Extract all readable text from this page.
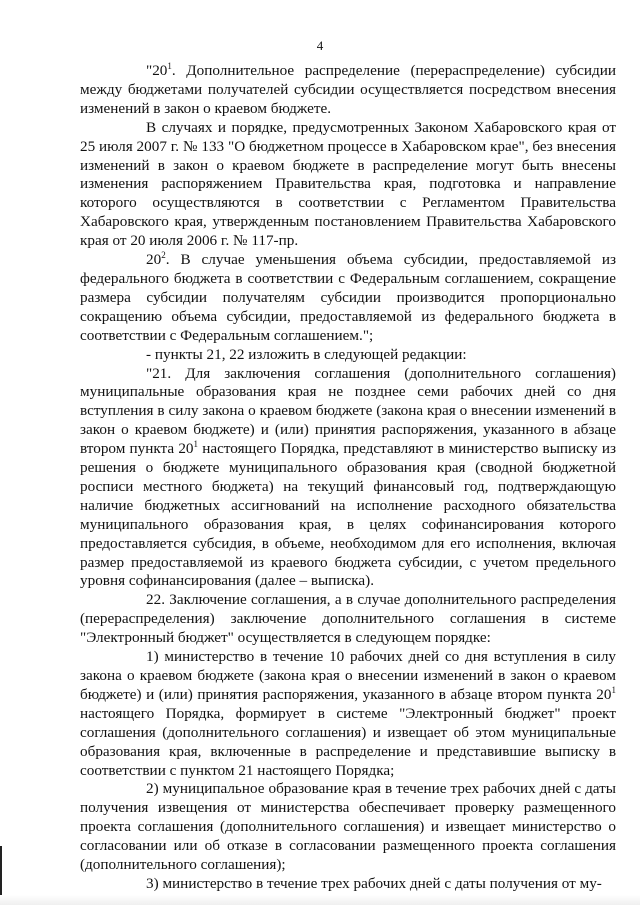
4

"$20^1$. Дополнительное распределение (перераспределение) субсидии между бюджетами получателей субсидии осуществляется посредством внесения изменений в закон о краевом бюджете.

В случаях и порядке, предусмотренных Законом Хабаровского края от 25 июля 2007 г. № 133 "О бюджетном процессе в Хабаровском крае", без внесения изменений в закон о краевом бюджете в распределение могут быть внесены изменения распоряжением Правительства края, подготовка и направление которого осуществляются в соответствии с Регламентом Правительства Хабаровского края, утвержденным постановлением Правительства Хабаровского края от 20 июля 2006 г. № 117-пр.

$20^2$. В случае уменьшения объема субсидии, предоставляемой из федерального бюджета в соответствии с Федеральным соглашением, сокращение размера субсидии получателям субсидии производится пропорционально сокращению объема субсидии, предоставляемой из федерального бюджета в соответствии с Федеральным соглашением.";

- пункты 21, 22 изложить в следующей редакции:

"21. Для заключения соглашения (дополнительного соглашения) муниципальные образования края не позднее семи рабочих дней со дня вступления в силу закона о краевом бюджете (закона края о внесении изменений в закон о краевом бюджете) и (или) принятия распоряжения, указанного в абзаце втором пункта $20^1$ настоящего Порядка, представляют в министерство выписку из решения о бюджете муниципального образования края (сводной бюджетной росписи местного бюджета) на текущий финансовый год, подтверждающую наличие бюджетных ассигнований на исполнение расходного обязательства муниципального образования края, в целях софинансирования которого предоставляется субсидия, в объеме, необходимом для его исполнения, включая размер предоставляемой из краевого бюджета субсидии, с учетом предельного уровня софинансирования (далее – выписка).

22. Заключение соглашения, а в случае дополнительного распределения (перераспределения) заключение дополнительного соглашения в системе "Электронный бюджет" осуществляется в следующем порядке:

1) министерство в течение 10 рабочих дней со дня вступления в силу закона о краевом бюджете (закона края о внесении изменений в закон о краевом бюджете) и (или) принятия распоряжения, указанного в абзаце втором пункта $20^1$ настоящего Порядка, формирует в системе "Электронный бюджет" проект соглашения (дополнительного соглашения) и извещает об этом муниципальные образования края, включенные в распределение и представившие выписку в соответствии с пунктом 21 настоящего Порядка;

2) муниципальное образование края в течение трех рабочих дней с даты получения извещения от министерства обеспечивает проверку размещенного проекта соглашения (дополнительного соглашения) и извещает министерство о согласовании или об отказе в согласовании размещенного проекта соглашения (дополнительного соглашения);

3) министерство в течение трех рабочих дней с даты получения от му-
